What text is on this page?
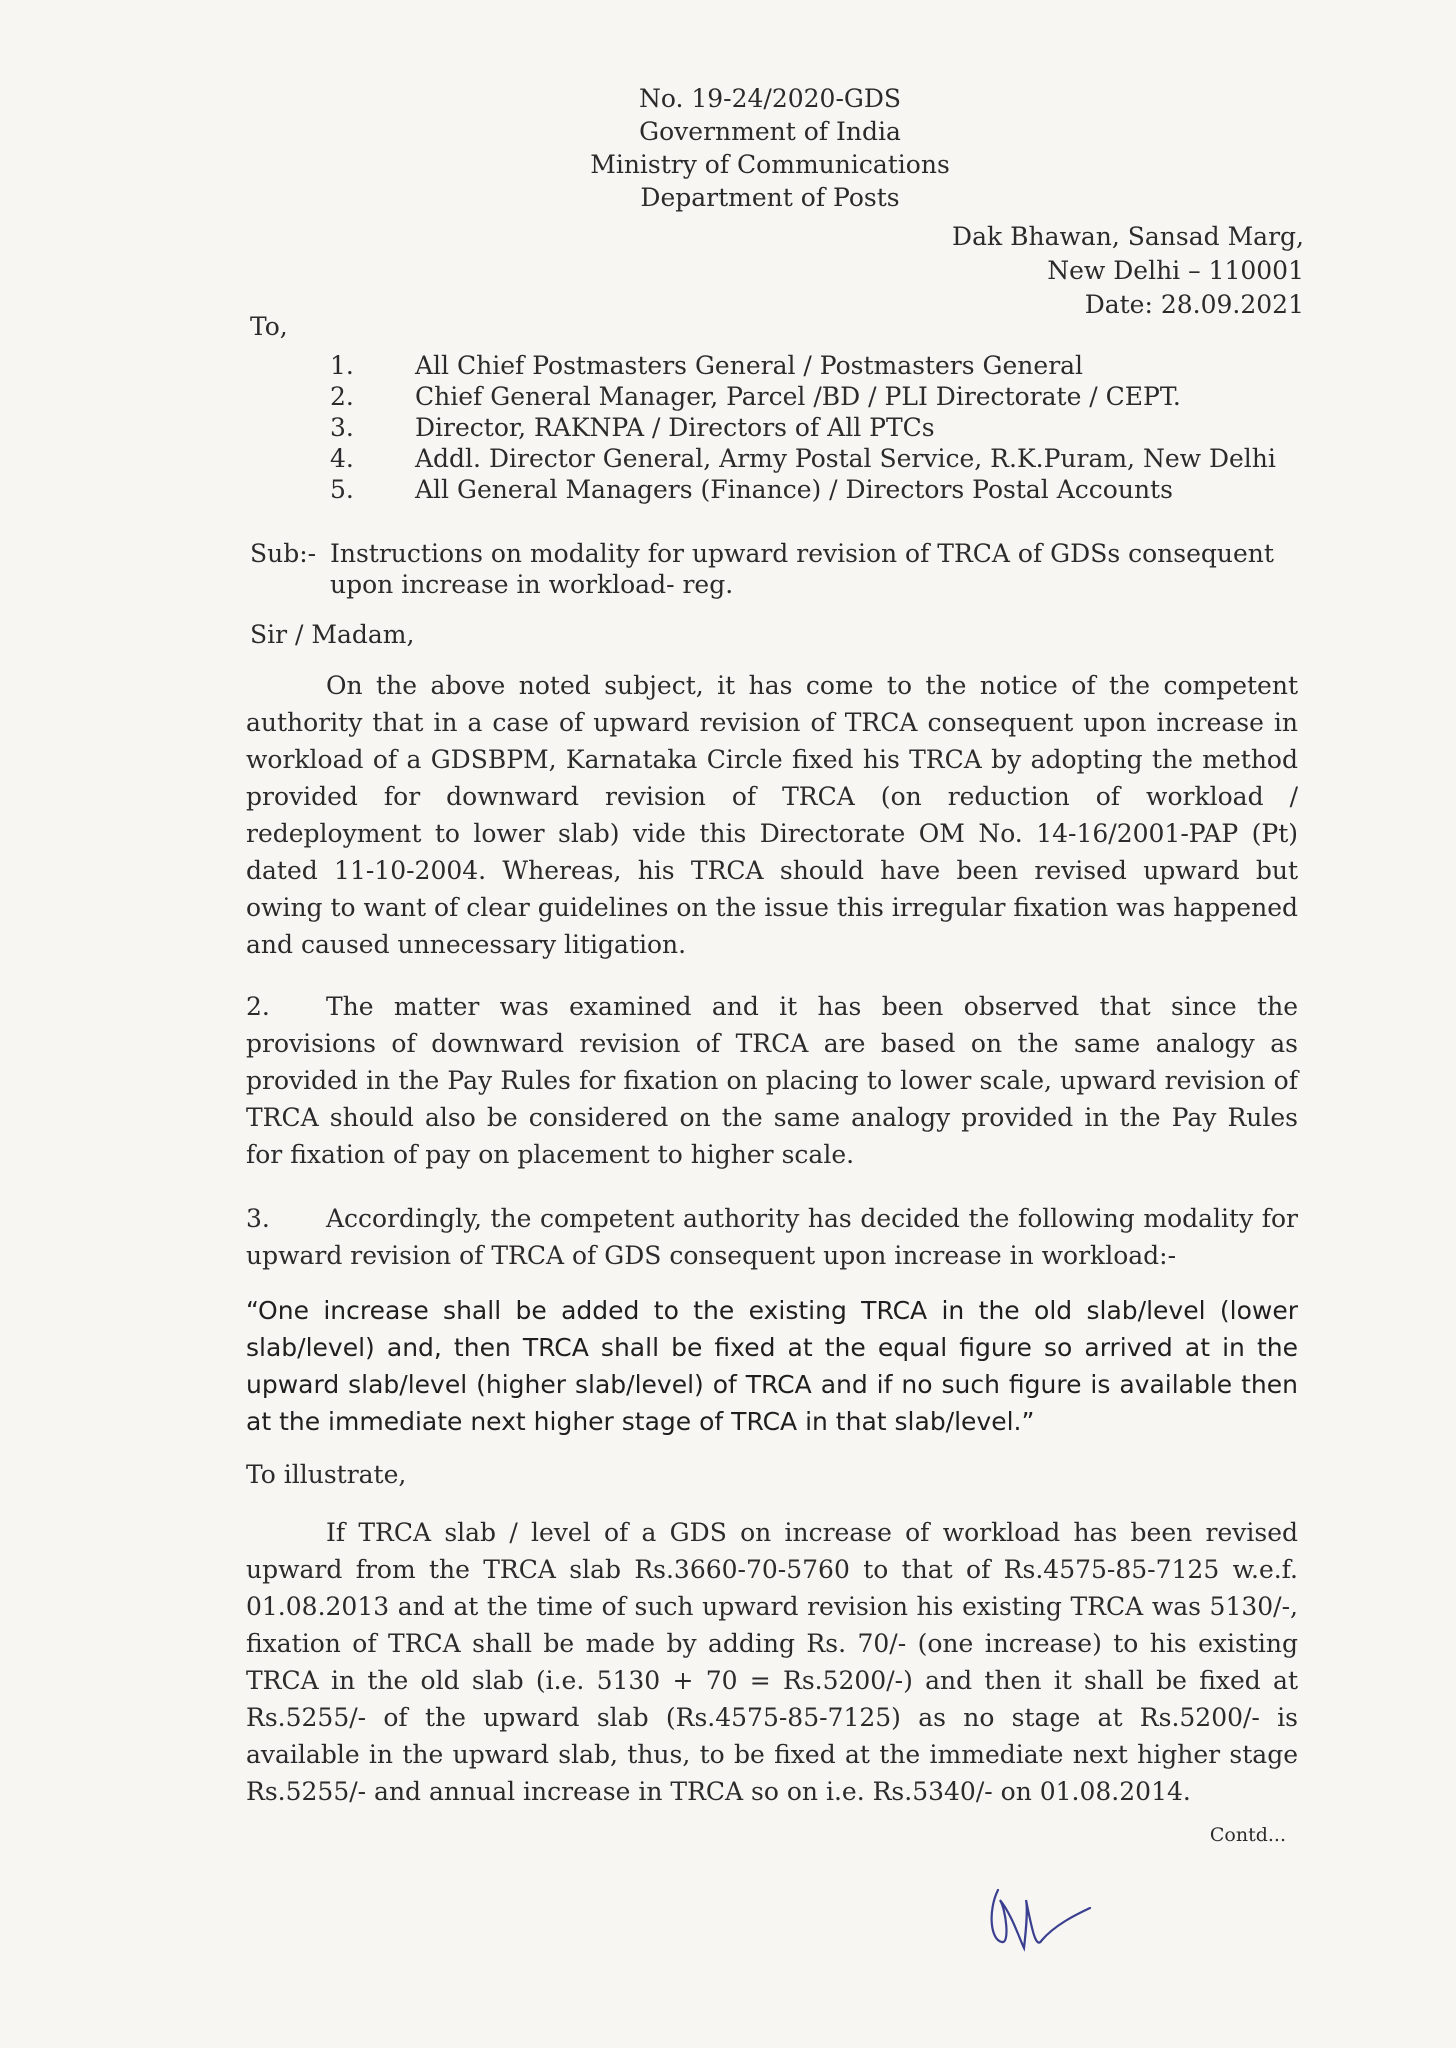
No. 19-24/2020-GDS
Government of India
Ministry of Communications
Department of Posts
Dak Bhawan, Sansad Marg,
New Delhi – 110001
Date: 28.09.2021
To,
1.	All Chief Postmasters General / Postmasters General
2.	Chief General Manager, Parcel /BD / PLI Directorate / CEPT.
3.	Director, RAKNPA / Directors of All PTCs
4.	Addl. Director General, Army Postal Service, R.K.Puram, New Delhi
5.	All General Managers (Finance) / Directors Postal Accounts
Sub:- Instructions on modality for upward revision of TRCA of GDSs consequent upon increase in workload- reg.
Sir / Madam,
On the above noted subject, it has come to the notice of the competent authority that in a case of upward revision of TRCA consequent upon increase in workload of a GDSBPM, Karnataka Circle fixed his TRCA by adopting the method provided for downward revision of TRCA (on reduction of workload / redeployment to lower slab) vide this Directorate OM No. 14-16/2001-PAP (Pt) dated 11-10-2004. Whereas, his TRCA should have been revised upward but owing to want of clear guidelines on the issue this irregular fixation was happened and caused unnecessary litigation.
2. The matter was examined and it has been observed that since the provisions of downward revision of TRCA are based on the same analogy as provided in the Pay Rules for fixation on placing to lower scale, upward revision of TRCA should also be considered on the same analogy provided in the Pay Rules for fixation of pay on placement to higher scale.
3. Accordingly, the competent authority has decided the following modality for upward revision of TRCA of GDS consequent upon increase in workload:-
“One increase shall be added to the existing TRCA in the old slab/level (lower slab/level) and, then TRCA shall be fixed at the equal figure so arrived at in the upward slab/level (higher slab/level) of TRCA and if no such figure is available then at the immediate next higher stage of TRCA in that slab/level.”
To illustrate,
If TRCA slab / level of a GDS on increase of workload has been revised upward from the TRCA slab Rs.3660-70-5760 to that of Rs.4575-85-7125 w.e.f. 01.08.2013 and at the time of such upward revision his existing TRCA was 5130/-, fixation of TRCA shall be made by adding Rs. 70/- (one increase) to his existing TRCA in the old slab (i.e. 5130 + 70 = Rs.5200/-) and then it shall be fixed at Rs.5255/- of the upward slab (Rs.4575-85-7125) as no stage at Rs.5200/- is available in the upward slab, thus, to be fixed at the immediate next higher stage Rs.5255/- and annual increase in TRCA so on i.e. Rs.5340/- on 01.08.2014.
Contd...
